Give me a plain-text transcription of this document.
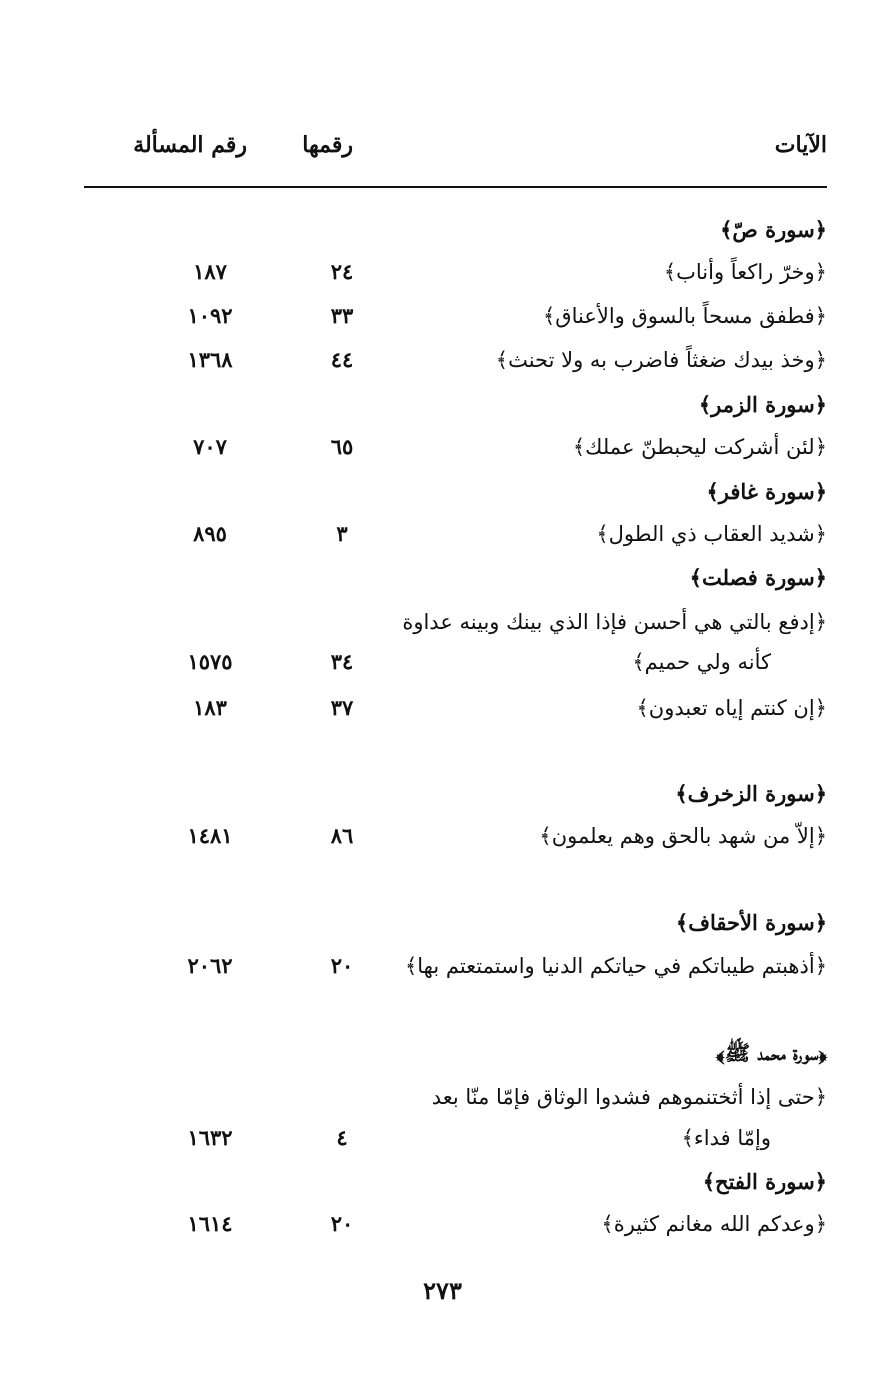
الآيات
رقمها
رقم المسألة
﴿سورة صّ﴾
﴿وخرّ راكعاً وأناب﴾
٢٤
١٨٧
﴿فطفق مسحاً بالسوق والأعناق﴾
٣٣
١٠٩٢
﴿وخذ بيدك ضغثاً فاضرب به ولا تحنث﴾
٤٤
١٣٦٨
﴿سورة الزمر﴾
﴿لئن أشركت ليحبطنّ عملك﴾
٦٥
٧٠٧
﴿سورة غافر﴾
﴿شديد العقاب ذي الطول﴾
٣
٨٩٥
﴿سورة فصلت﴾
﴿إدفع بالتي هي أحسن فإذا الذي بينك وبينه عداوة
كأنه ولي حميم﴾
٣٤
١٥٧٥
﴿إن كنتم إياه تعبدون﴾
٣٧
١٨٣
﴿سورة الزخرف﴾
﴿إلاّ من شهد بالحق وهم يعلمون﴾
٨٦
١٤٨١
﴿سورة الأحقاف﴾
﴿أذهبتم طيباتكم في حياتكم الدنيا واستمتعتم بها﴾
٢٠
٢٠٦٢
﴿سورة محمد ﷺ﴾
﴿حتى إذا أثختنموهم فشدوا الوثاق فإمّا منّا بعد
وإمّا فداء﴾
٤
١٦٣٢
﴿سورة الفتح﴾
﴿وعدكم الله مغانم كثيرة﴾
٢٠
١٦١٤
٢٧٣
